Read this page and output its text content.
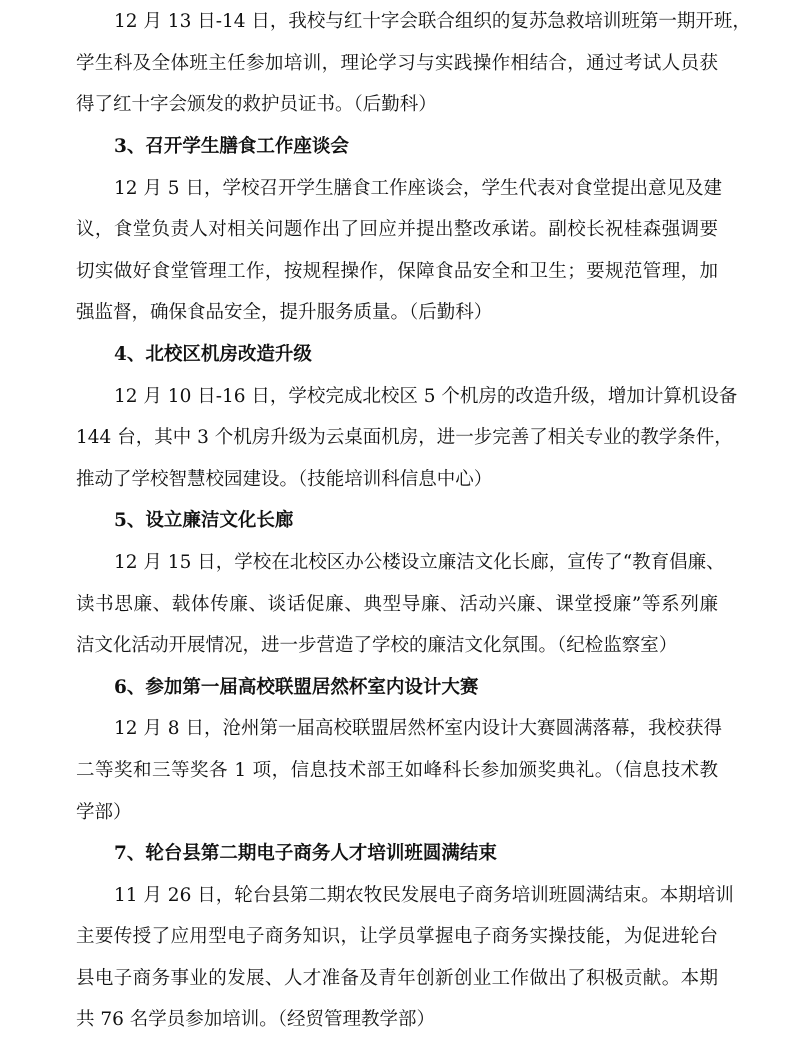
12 月 13 日-14 日，我校与红十字会联合组织的复苏急救培训班第一期开班，
学生科及全体班主任参加培训，理论学习与实践操作相结合，通过考试人员获
得了红十字会颁发的救护员证书。（后勤科）
3、召开学生膳食工作座谈会
12 月 5 日，学校召开学生膳食工作座谈会，学生代表对食堂提出意见及建
议，食堂负责人对相关问题作出了回应并提出整改承诺。副校长祝桂森强调要
切实做好食堂管理工作，按规程操作，保障食品安全和卫生；要规范管理，加
强监督，确保食品安全，提升服务质量。（后勤科）
4、北校区机房改造升级
12 月 10 日-16 日，学校完成北校区 5 个机房的改造升级，增加计算机设备
144 台，其中 3 个机房升级为云桌面机房，进一步完善了相关专业的教学条件，
推动了学校智慧校园建设。（技能培训科信息中心）
5、设立廉洁文化长廊
12 月 15 日，学校在北校区办公楼设立廉洁文化长廊，宣传了“教育倡廉、
读书思廉、载体传廉、谈话促廉、典型导廉、活动兴廉、课堂授廉”等系列廉
洁文化活动开展情况，进一步营造了学校的廉洁文化氛围。（纪检监察室）
6、参加第一届高校联盟居然杯室内设计大赛
12 月 8 日，沧州第一届高校联盟居然杯室内设计大赛圆满落幕，我校获得
二等奖和三等奖各 1 项，信息技术部王如峰科长参加颁奖典礼。（信息技术教
学部）
7、轮台县第二期电子商务人才培训班圆满结束
11 月 26 日，轮台县第二期农牧民发展电子商务培训班圆满结束。本期培训
主要传授了应用型电子商务知识，让学员掌握电子商务实操技能，为促进轮台
县电子商务事业的发展、人才准备及青年创新创业工作做出了积极贡献。本期
共 76 名学员参加培训。（经贸管理教学部）
